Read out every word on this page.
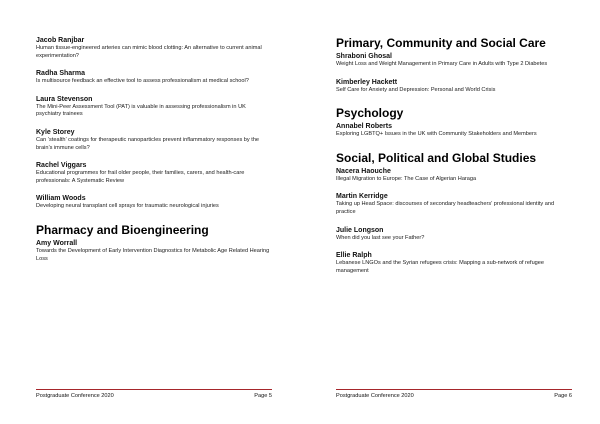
Jacob Ranjbar

Human tissue-engineered arteries can mimic blood clotting: An alternative to current animal experimentation?

Radha Sharma

Is multisource feedback an effective tool to assess professionalism at medical school?

Laura Stevenson

The Mini-Peer Assessment Tool (PAT) is valuable in assessing professionalism in UK psychiatry trainees

Kyle Storey

Can ‘stealth’ coatings for therapeutic nanoparticles prevent inflammatory responses by the brain’s immune cells?

Rachel Viggars

Educational programmes for frail older people, their families, carers, and health-care professionals: A Systematic Review

William Woods

Developing neural transplant cell sprays for traumatic neurological injuries

Pharmacy and Bioengineering

Amy Worrall

Towards the Development of Early Intervention Diagnostics for Metabolic Age Related Hearing Loss

Postgraduate Conference 2020	Page 5
Primary, Community and Social Care

Shraboni Ghosal

Weight Loss and Weight Management in Primary Care in Adults with Type 2 Diabetes

Kimberley Hackett

Self Care for Anxiety and Depression: Personal and World Crisis

Psychology

Annabel Roberts

Exploring LGBTQ+ Issues in the UK with Community Stakeholders and Members

Social, Political and Global Studies

Nacera Haouche

Illegal Migration to Europe: The Case of Algerian Haraga

Martin Kerridge

Taking up Head Space: discourses of secondary headteachers’ professional identity and practice

Julie Longson

When did you last see your Father?

Ellie Ralph

Lebanese LNGOs and the Syrian refugees crisis: Mapping a sub-network of refugee management

Postgraduate Conference 2020	Page 6
